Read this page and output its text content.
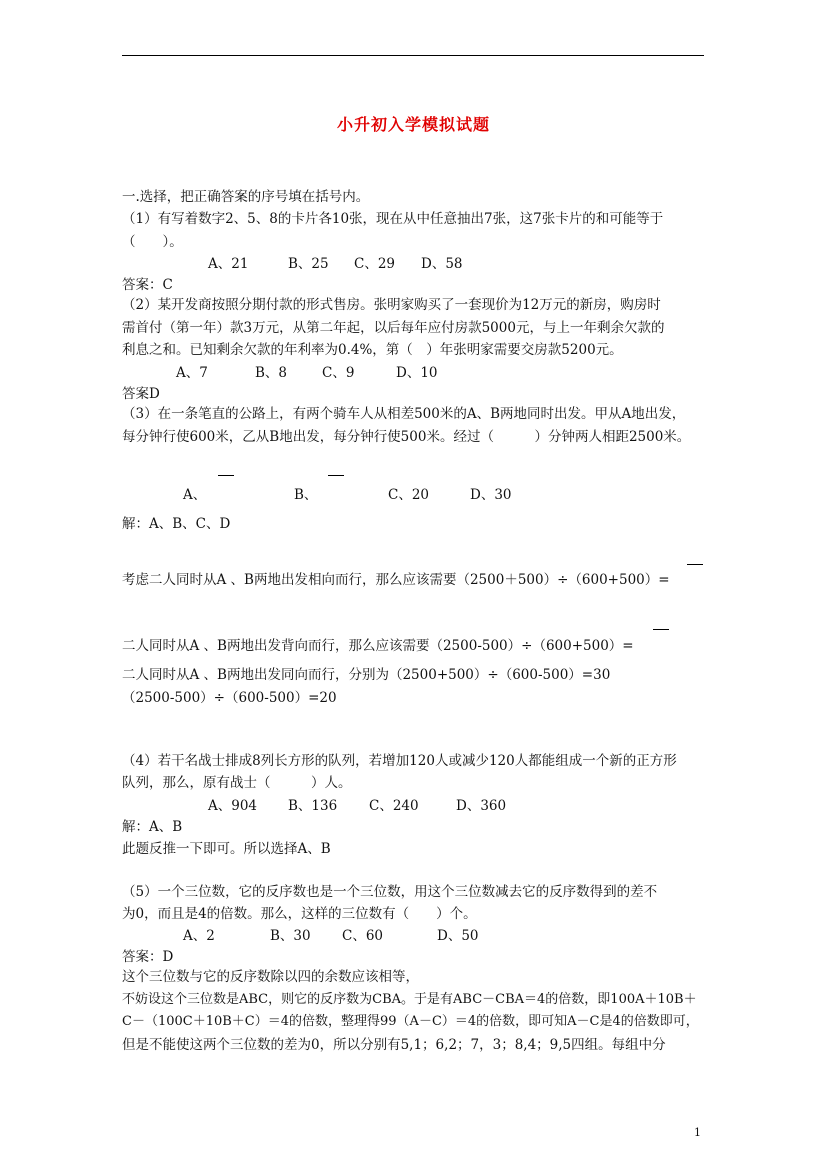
小升初入学模拟试题
一.选择，把正确答案的序号填在括号内。
（1）有写着数字2、5、8的卡片各10张，现在从中任意抽出7张，这7张卡片的和可能等于
（　　）。
A、21	B、25 C、29 D、58
答案：C
（2）某开发商按照分期付款的形式售房。张明家购买了一套现价为12万元的新房，购房时
需首付（第一年）款3万元，从第二年起，以后每年应付房款5000元，与上一年剩余欠款的
利息之和。已知剩余欠款的年利率为0.4%，第（　）年张明家需要交房款5200元。
A、7	B、8	C、9	D、10
答案D
（3）在一条笔直的公路上，有两个骑车人从相差500米的A、B两地同时出发。甲从A地出发，
每分钟行使600米，乙从B地出发，每分钟行使500米。经过（　　　）分钟两人相距2500米。
A、	B、	C、20	D、30
解：A、B、C、D
考虑二人同时从A 、B两地出发相向而行，那么应该需要（2500＋500）÷（600+500）=
二人同时从A 、B两地出发背向而行，那么应该需要（2500-500）÷（600+500）=
二人同时从A 、B两地出发同向而行，分别为（2500+500）÷（600-500）=30
（2500-500）÷（600-500）=20
（4）若干名战士排成8列长方形的队列，若增加120人或减少120人都能组成一个新的正方形
队列，那么，原有战士（　　　）人。
A、904 B、136 C、240	D、360
解：A、B
此题反推一下即可。所以选择A、B
（5）一个三位数，它的反序数也是一个三位数，用这个三位数减去它的反序数得到的差不
为0，而且是4的倍数。那么，这样的三位数有（　　）个。
A、2	B、30 C、60	D、50
答案：D
这个三位数与它的反序数除以四的余数应该相等，
不妨设这个三位数是ABC，则它的反序数为CBA。于是有ABC－CBA＝4的倍数，即100A＋10B＋
C－（100C＋10B＋C）＝4的倍数，整理得99（A－C）＝4的倍数，即可知A－C是4的倍数即可，
但是不能使这两个三位数的差为0，所以分别有5,1；6,2；7，3；8,4；9,5四组。每组中分
1
